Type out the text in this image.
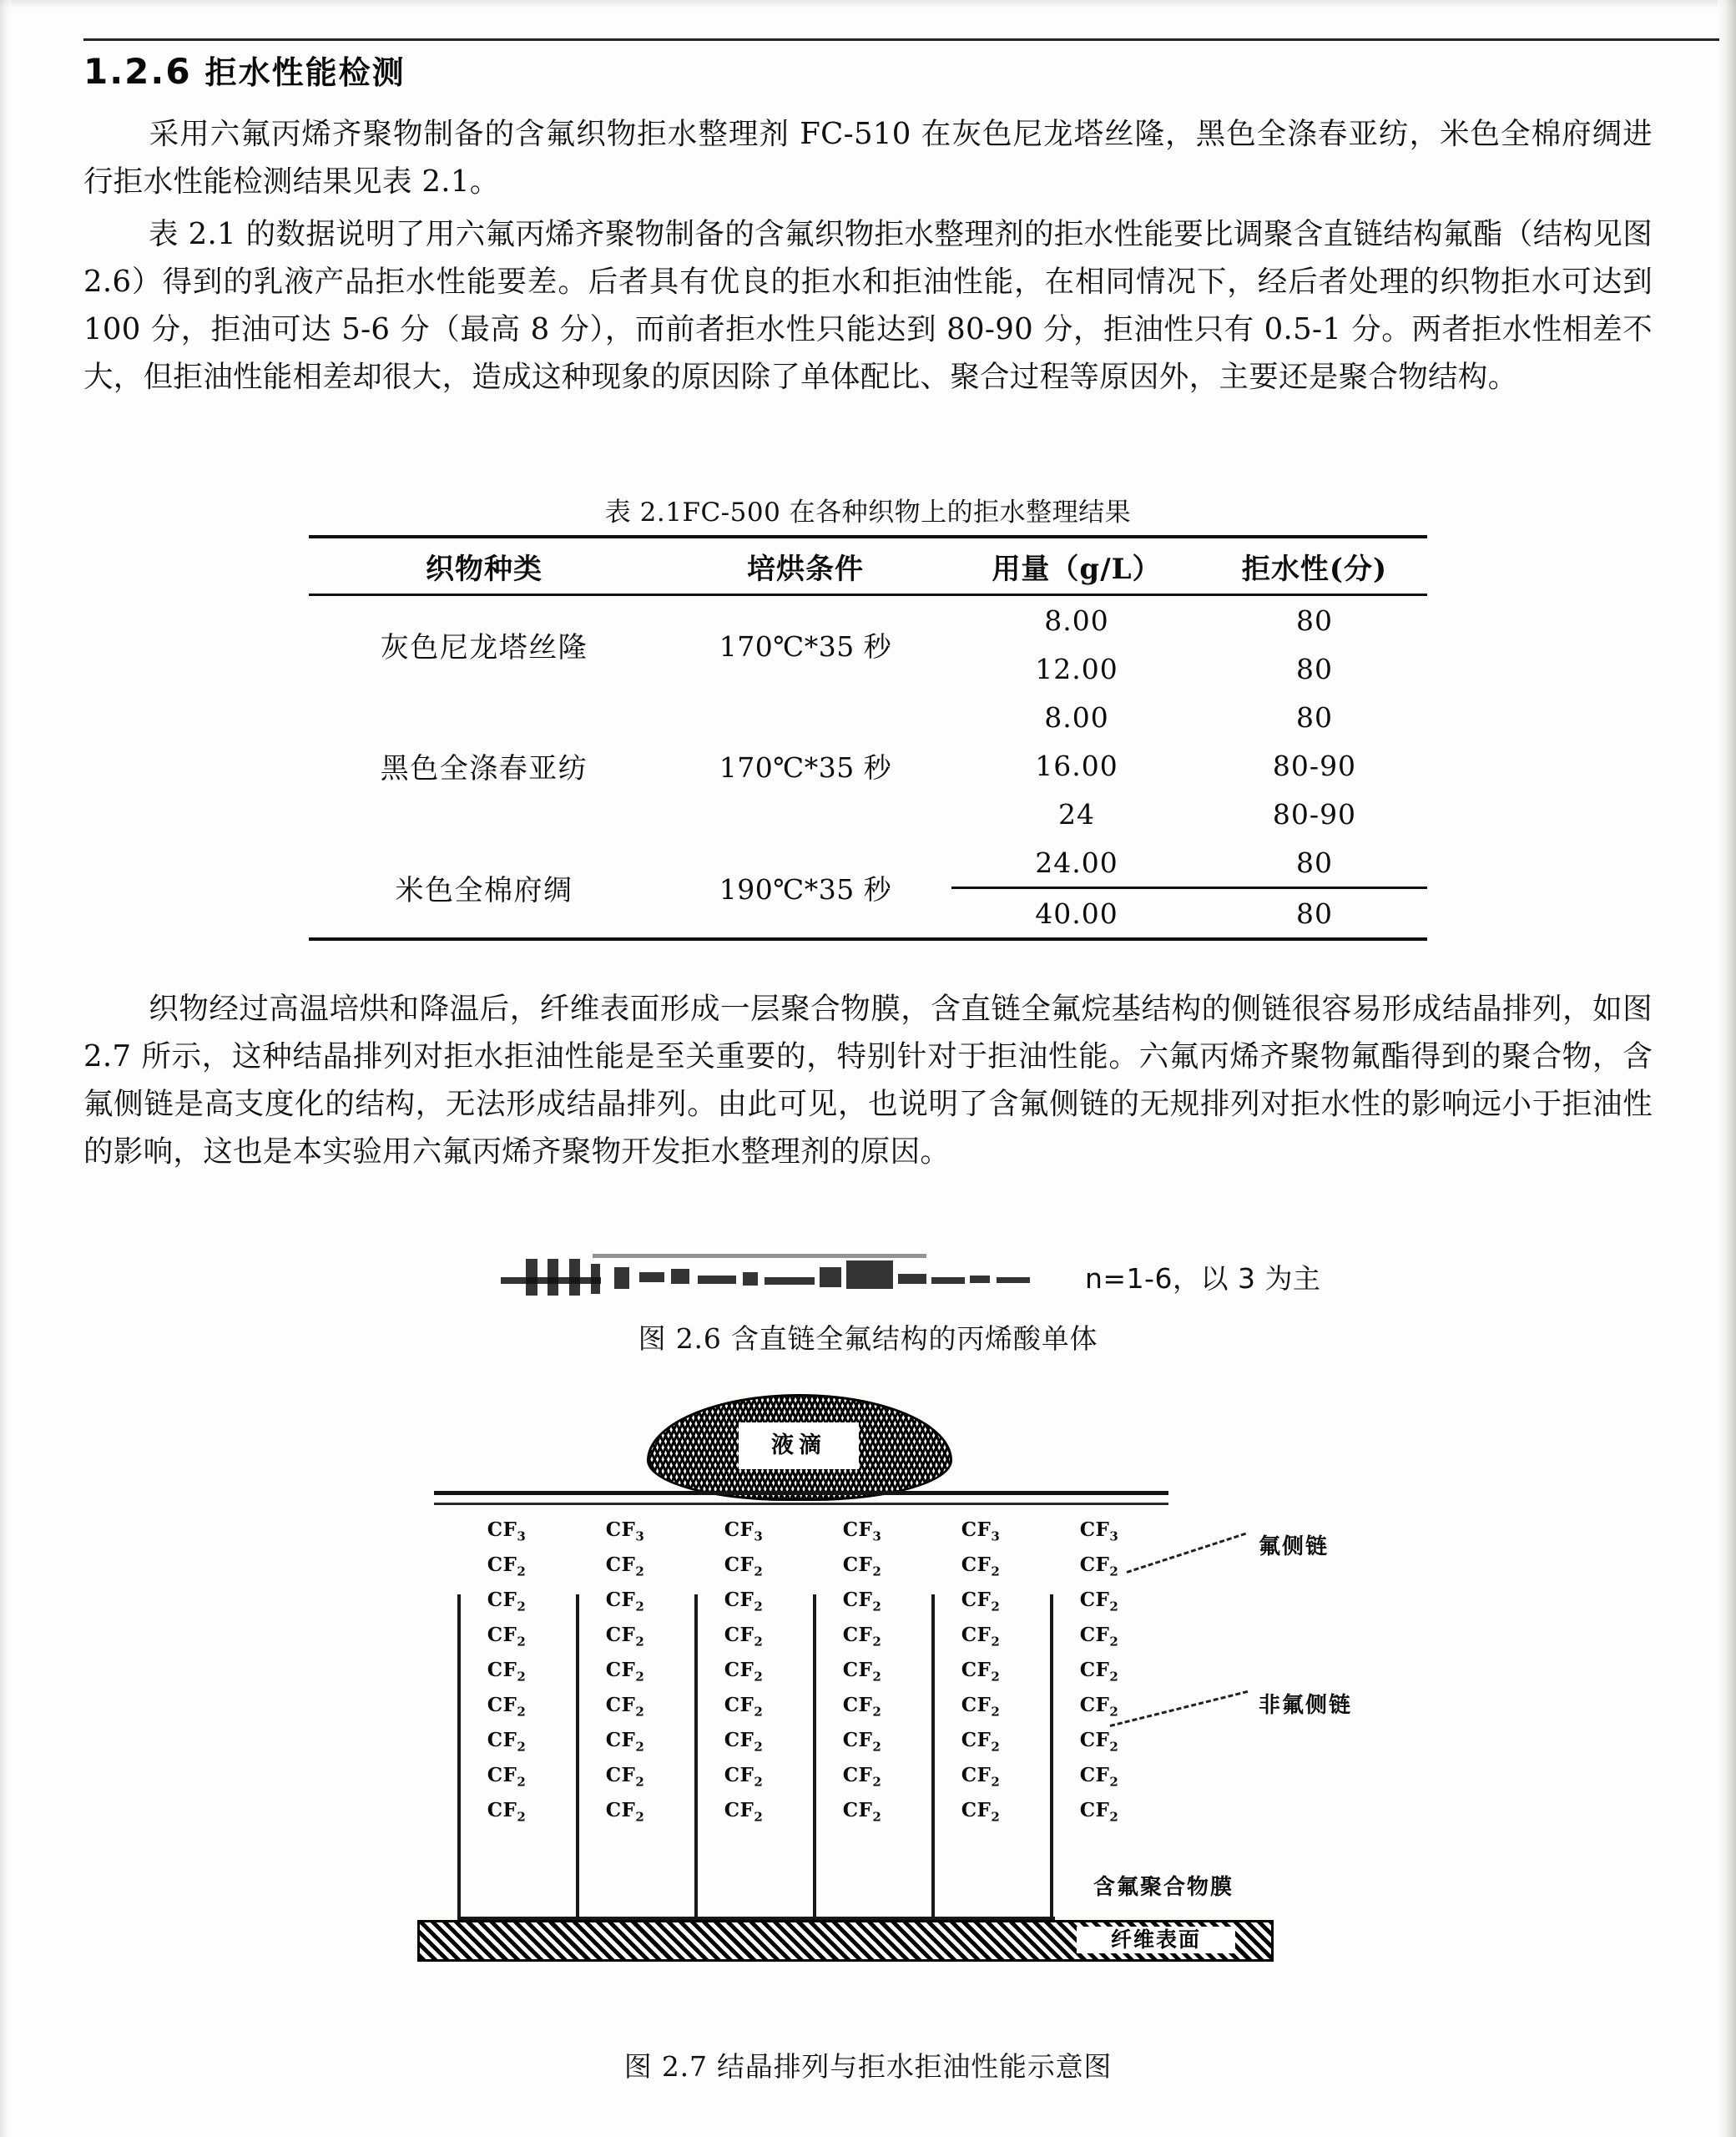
1.2.6 拒水性能检测
采用六氟丙烯齐聚物制备的含氟织物拒水整理剂 FC-510 在灰色尼龙塔丝隆，黑色全涤春亚纺，米色全棉府绸进行拒水性能检测结果见表 2.1。
表 2.1 的数据说明了用六氟丙烯齐聚物制备的含氟织物拒水整理剂的拒水性能要比调聚含直链结构氟酯（结构见图 2.6）得到的乳液产品拒水性能要差。后者具有优良的拒水和拒油性能，在相同情况下，经后者处理的织物拒水可达到 100 分，拒油可达 5-6 分（最高 8 分），而前者拒水性只能达到 80-90 分，拒油性只有 0.5-1 分。两者拒水性相差不大，但拒油性能相差却很大，造成这种现象的原因除了单体配比、聚合过程等原因外，主要还是聚合物结构。
表 2.1FC-500 在各种织物上的拒水整理结果
织物种类	培烘条件	用量（g/L）	拒水性(分)
灰色尼龙塔丝隆	170℃*35 秒	8.00	80
		12.00	80
黑色全涤春亚纺	170℃*35 秒	8.00	80
		16.00	80-90
		24	80-90
米色全棉府绸	190℃*35 秒	24.00	80
		40.00	80
织物经过高温培烘和降温后，纤维表面形成一层聚合物膜，含直链全氟烷基结构的侧链很容易形成结晶排列，如图 2.7 所示，这种结晶排列对拒水拒油性能是至关重要的，特别针对于拒油性能。六氟丙烯齐聚物氟酯得到的聚合物，含氟侧链是高支度化的结构，无法形成结晶排列。由此可见，也说明了含氟侧链的无规排列对拒水性的影响远小于拒油性的影响，这也是本实验用六氟丙烯齐聚物开发拒水整理剂的原因。
n=1-6，以 3 为主
图 2.6 含直链全氟结构的丙烯酸单体
液滴
$CF_3$
$CF_2$
$CF_2$
$CF_2$
$CF_2$
$CF_2$
$CF_2$
$CF_2$
$CF_2$
$CF_3$
$CF_2$
$CF_2$
$CF_2$
$CF_2$
$CF_2$
$CF_2$
$CF_2$
$CF_2$
$CF_3$
$CF_2$
$CF_2$
$CF_2$
$CF_2$
$CF_2$
$CF_2$
$CF_2$
$CF_2$
$CF_3$
$CF_2$
$CF_2$
$CF_2$
$CF_2$
$CF_2$
$CF_2$
$CF_2$
$CF_2$
$CF_3$
$CF_2$
$CF_2$
$CF_2$
$CF_2$
$CF_2$
$CF_2$
$CF_2$
$CF_2$
$CF_3$
$CF_2$
$CF_2$
$CF_2$
$CF_2$
$CF_2$
$CF_2$
$CF_2$
$CF_2$
氟侧链
非氟侧链
含氟聚合物膜
纤维表面
图 2.7 结晶排列与拒水拒油性能示意图
